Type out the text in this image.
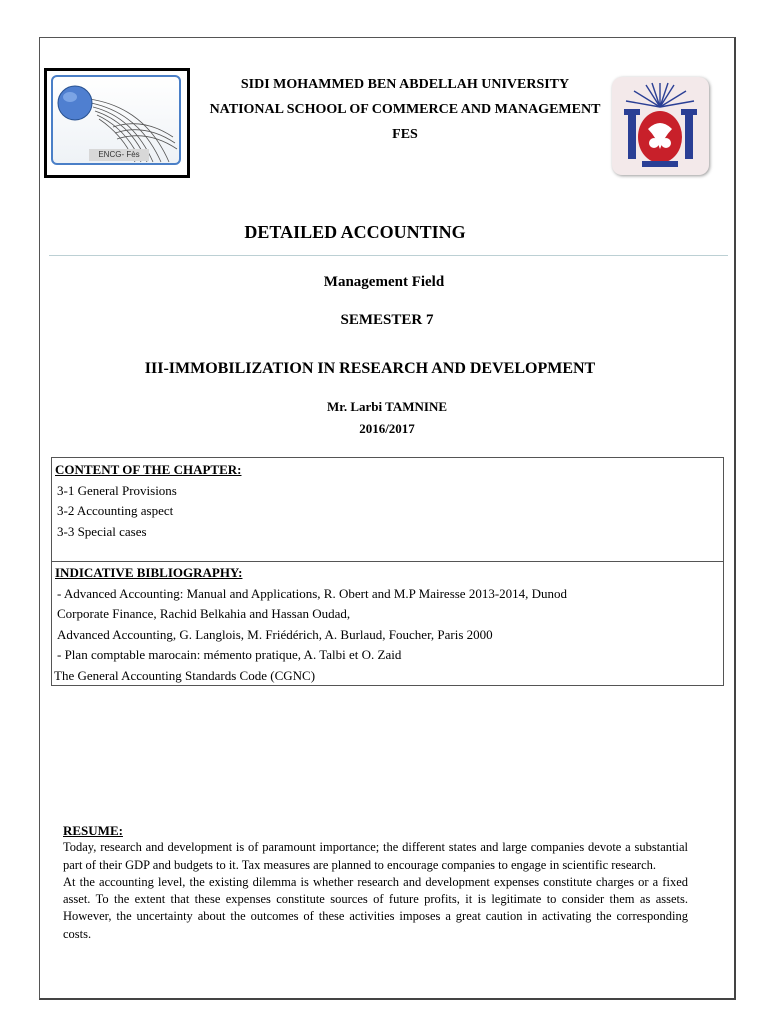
ENCG- Fès
SIDI MOHAMMED BEN ABDELLAH UNIVERSITY
NATIONAL SCHOOL OF COMMERCE AND MANAGEMENT
FES
DETAILED ACCOUNTING
Management Field
SEMESTER 7
III-IMMOBILIZATION IN RESEARCH AND DEVELOPMENT
Mr. Larbi TAMNINE
2016/2017
CONTENT OF THE CHAPTER:
3-1 General Provisions
3-2 Accounting aspect
3-3 Special cases
INDICATIVE BIBLIOGRAPHY:
- Advanced Accounting: Manual and Applications, R. Obert and M.P Mairesse 2013-2014, Dunod
Corporate Finance, Rachid Belkahia and Hassan Oudad,
Advanced Accounting, G. Langlois, M. Friédérich, A. Burlaud, Foucher, Paris 2000
- Plan comptable marocain: mémento pratique, A. Talbi et O. Zaid
The General Accounting Standards Code (CGNC)
RESUME:

Today, research and development is of paramount importance; the different states and large companies devote a substantial part of their GDP and budgets to it. Tax measures are planned to encourage companies to engage in scientific research.

At the accounting level, the existing dilemma is whether research and development expenses constitute charges or a fixed asset. To the extent that these expenses constitute sources of future profits, it is legitimate to consider them as assets. However, the uncertainty about the outcomes of these activities imposes a great caution in activating the corresponding costs.
